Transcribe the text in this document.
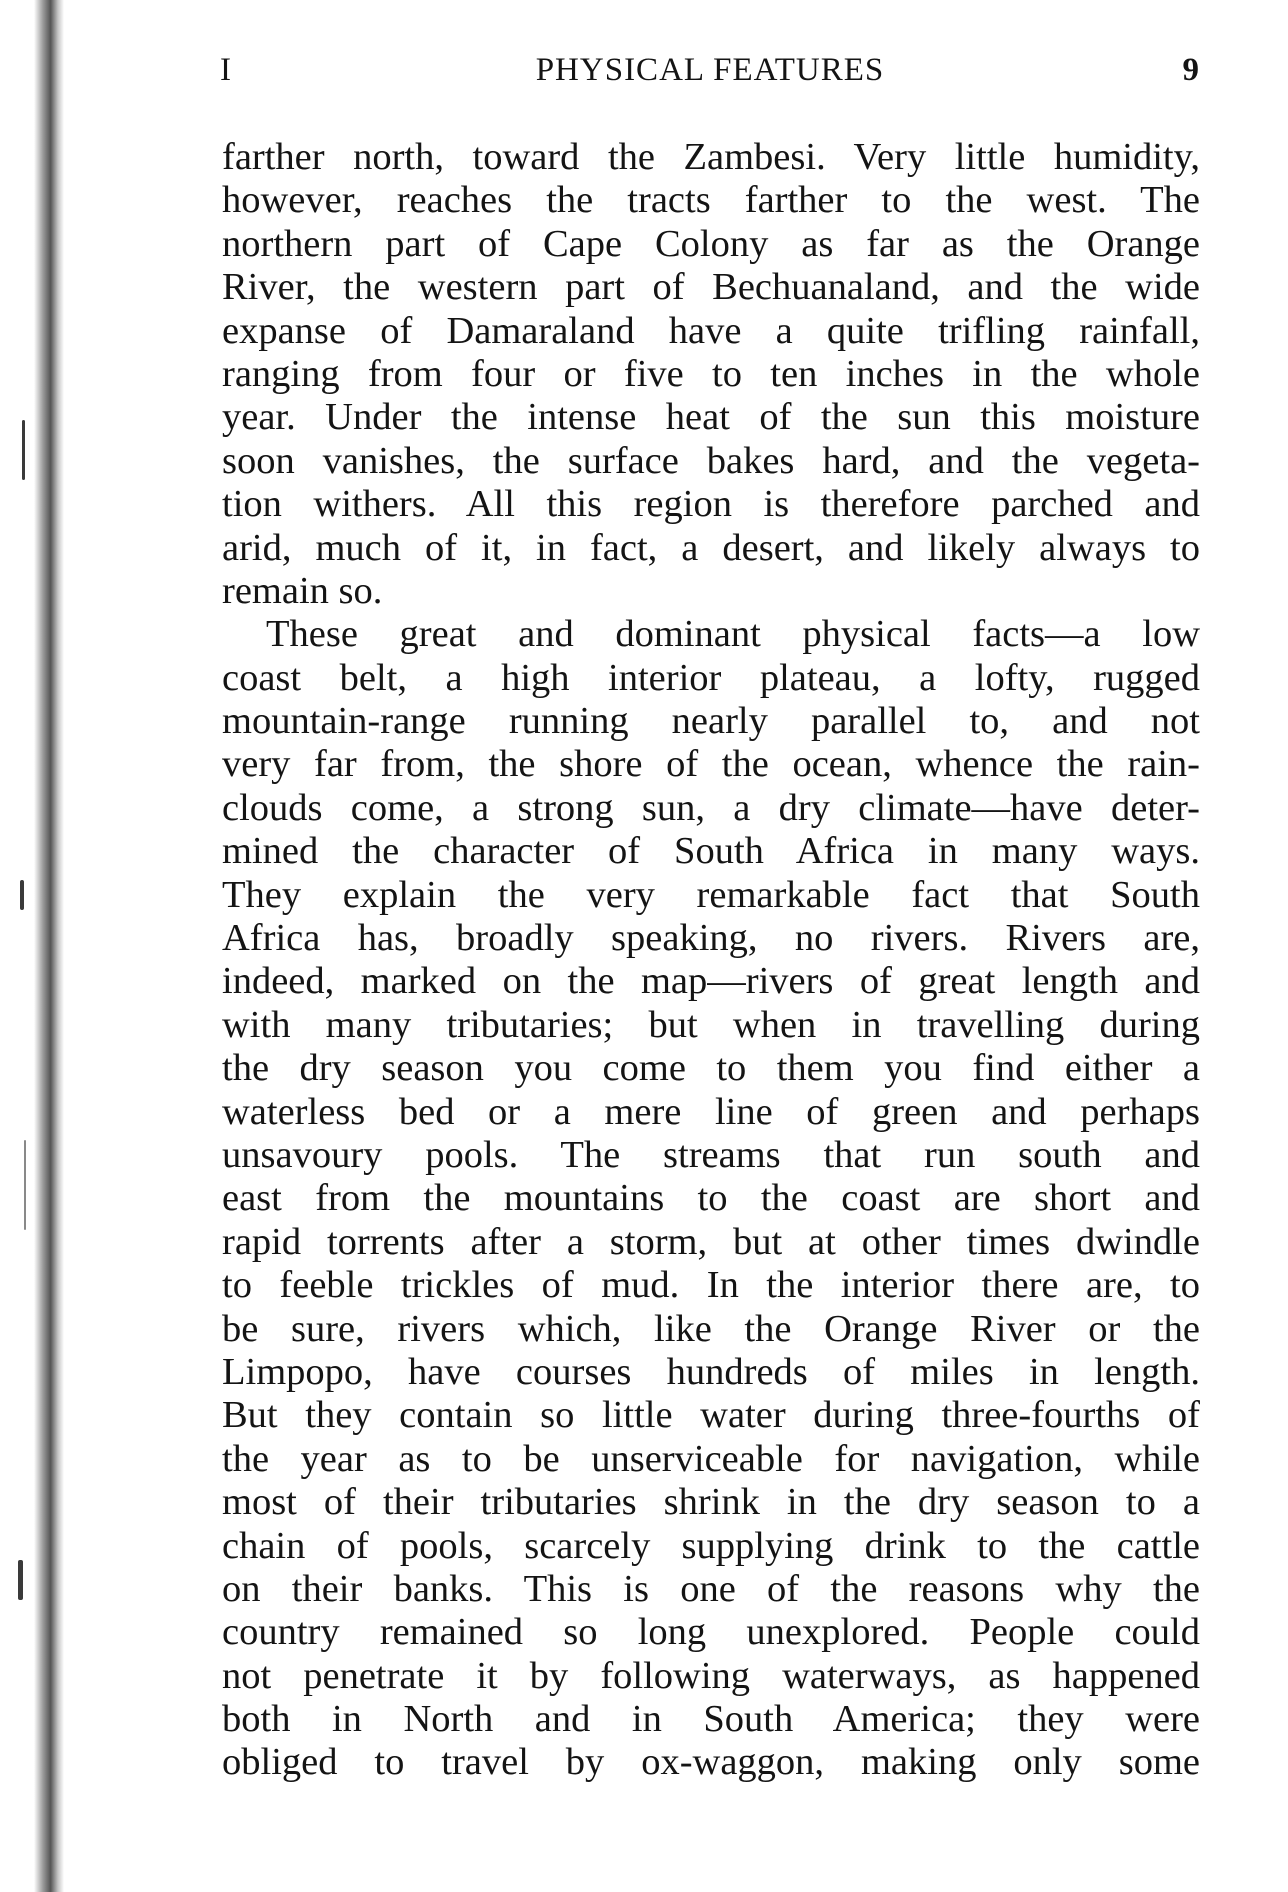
I	PHYSICAL FEATURES	9
farther north, toward the Zambesi. Very little humidity,
however, reaches the tracts farther to the west. The
northern part of Cape Colony as far as the Orange
River, the western part of Bechuanaland, and the wide
expanse of Damaraland have a quite trifling rainfall,
ranging from four or five to ten inches in the whole
year. Under the intense heat of the sun this moisture
soon vanishes, the surface bakes hard, and the vegeta-
tion withers. All this region is therefore parched and
arid, much of it, in fact, a desert, and likely always to
remain so.
These great and dominant physical facts—a low
coast belt, a high interior plateau, a lofty, rugged
mountain-range running nearly parallel to, and not
very far from, the shore of the ocean, whence the rain-
clouds come, a strong sun, a dry climate—have deter-
mined the character of South Africa in many ways.
They explain the very remarkable fact that South
Africa has, broadly speaking, no rivers. Rivers are,
indeed, marked on the map—rivers of great length and
with many tributaries; but when in travelling during
the dry season you come to them you find either a
waterless bed or a mere line of green and perhaps
unsavoury pools. The streams that run south and
east from the mountains to the coast are short and
rapid torrents after a storm, but at other times dwindle
to feeble trickles of mud. In the interior there are, to
be sure, rivers which, like the Orange River or the
Limpopo, have courses hundreds of miles in length.
But they contain so little water during three-fourths of
the year as to be unserviceable for navigation, while
most of their tributaries shrink in the dry season to a
chain of pools, scarcely supplying drink to the cattle
on their banks. This is one of the reasons why the
country remained so long unexplored. People could
not penetrate it by following waterways, as happened
both in North and in South America; they were
obliged to travel by ox-waggon, making only some
